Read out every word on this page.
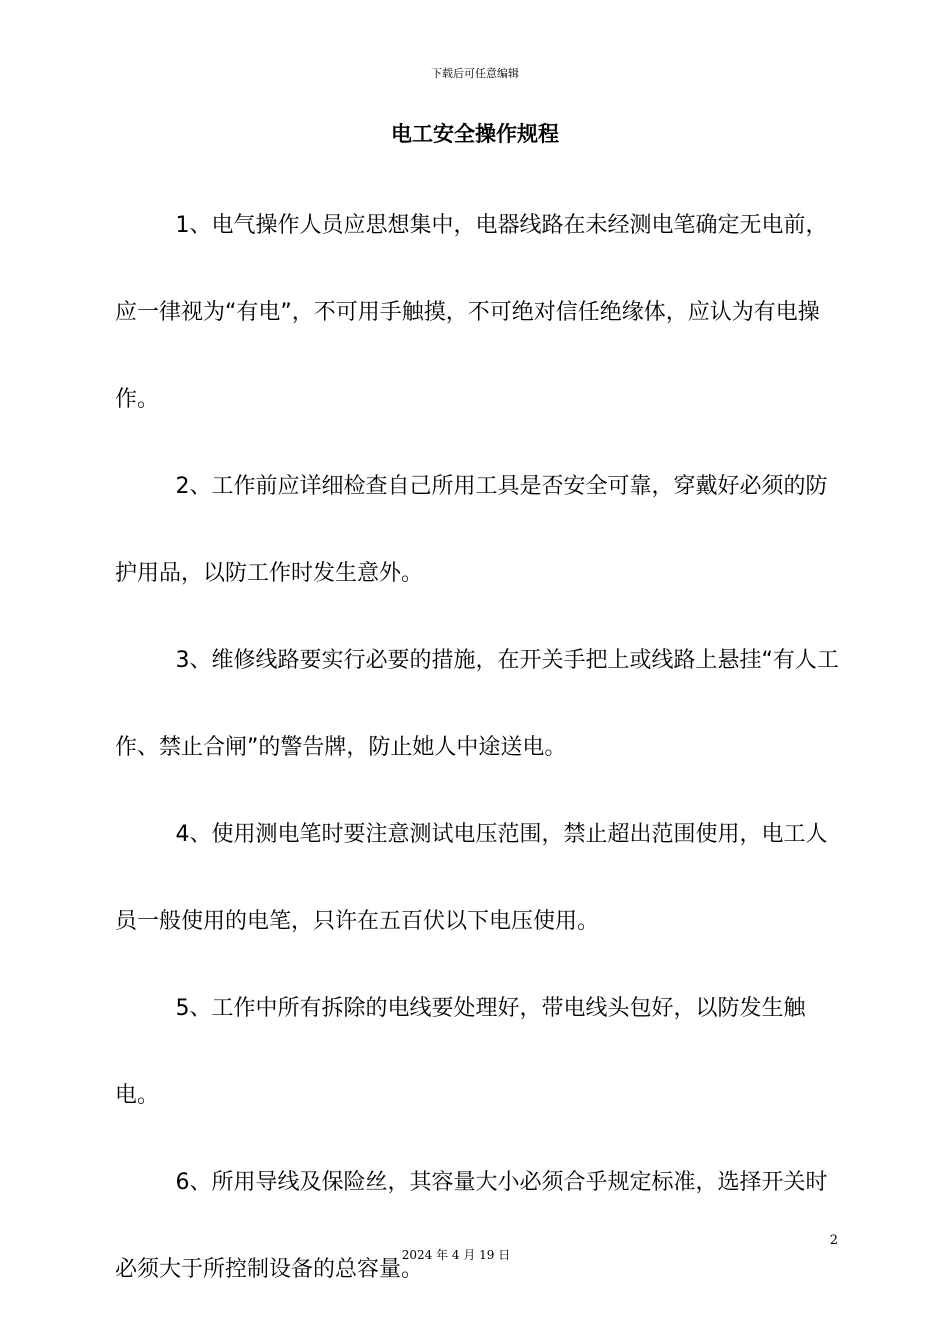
下载后可任意编辑
电工安全操作规程

1、电气操作人员应思想集中，电器线路在未经测电笔确定无电前，应一律视为“有电”，不可用手触摸，不可绝对信任绝缘体，应认为有电操作。

2、工作前应详细检查自己所用工具是否安全可靠，穿戴好必须的防护用品，以防工作时发生意外。

3、维修线路要实行必要的措施，在开关手把上或线路上悬挂“有人工作、禁止合闸”的警告牌，防止她人中途送电。

4、使用测电笔时要注意测试电压范围，禁止超出范围使用，电工人员一般使用的电笔，只许在五百伏以下电压使用。

5、工作中所有拆除的电线要处理好，带电线头包好，以防发生触电。

6、所用导线及保险丝，其容量大小必须合乎规定标准，选择开关时必须大于所控制设备的总容量。

2
2024 年 4 月 19 日
